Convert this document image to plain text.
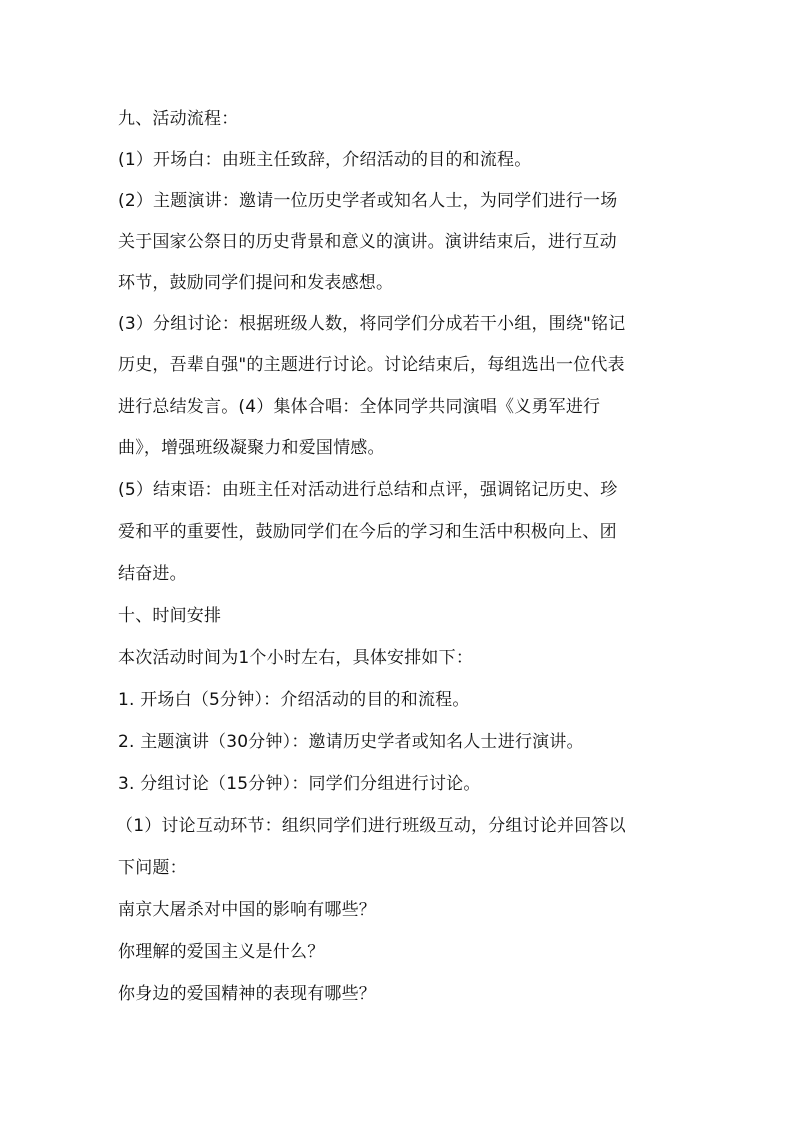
九、活动流程：
(1）开场白：由班主任致辞，介绍活动的目的和流程。
(2）主题演讲：邀请一位历史学者或知名人士，为同学们进行一场
关于国家公祭日的历史背景和意义的演讲。演讲结束后，进行互动
环节，鼓励同学们提问和发表感想。
(3）分组讨论：根据班级人数，将同学们分成若干小组，围绕"铭记
历史，吾辈自强"的主题进行讨论。讨论结束后，每组选出一位代表
进行总结发言。(4）集体合唱：全体同学共同演唱《义勇军进行
曲》，增强班级凝聚力和爱国情感。
(5）结束语：由班主任对活动进行总结和点评，强调铭记历史、珍
爱和平的重要性，鼓励同学们在今后的学习和生活中积极向上、团
结奋进。
十、时间安排
本次活动时间为1个小时左右，具体安排如下：
1. 开场白（5分钟）：介绍活动的目的和流程。
2. 主题演讲（30分钟）：邀请历史学者或知名人士进行演讲。
3. 分组讨论（15分钟）：同学们分组进行讨论。
（1）讨论互动环节：组织同学们进行班级互动，分组讨论并回答以
下问题：
南京大屠杀对中国的影响有哪些？
你理解的爱国主义是什么？
你身边的爱国精神的表现有哪些？
